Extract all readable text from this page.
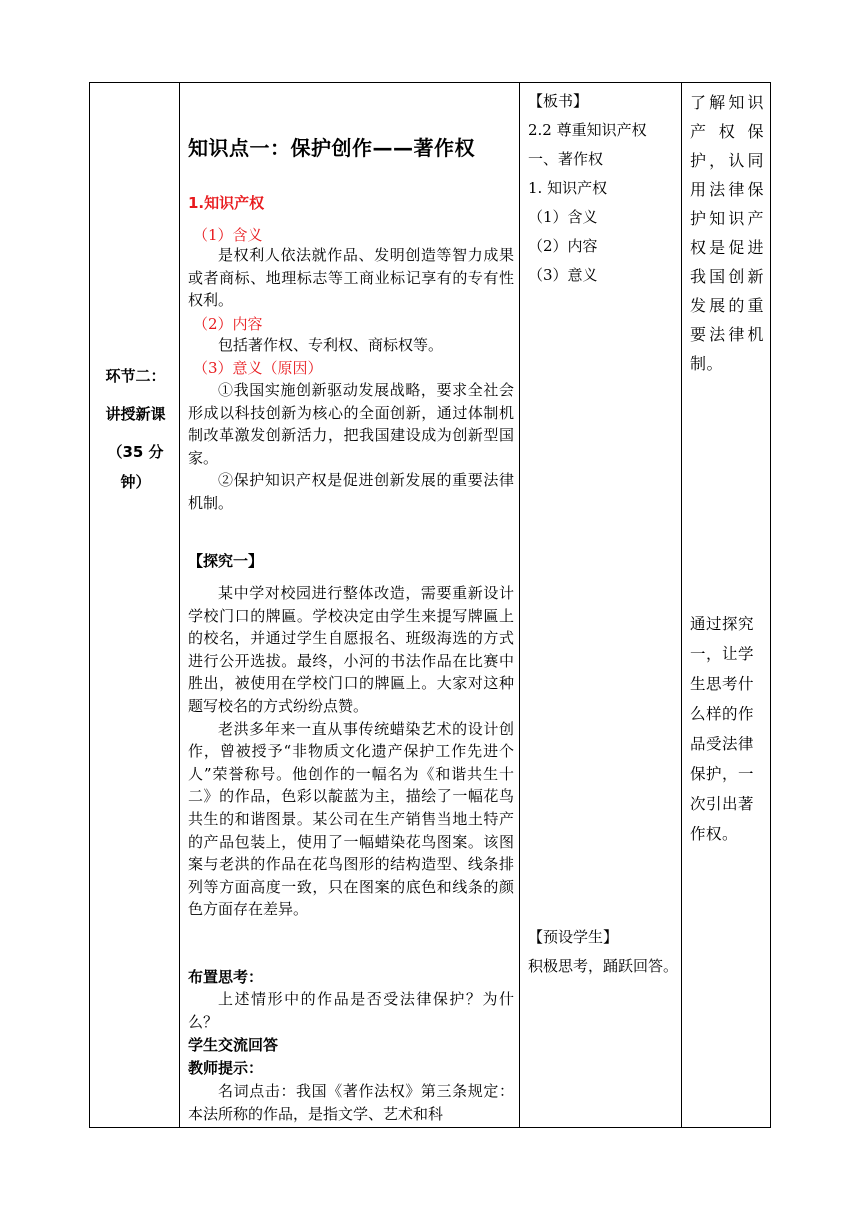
环节二：
讲授新课
（35 分
钟）
知识点一：保护创作——著作权
1.知识产权
（1）含义

是权利人依法就作品、发明创造等智力成果或者商标、地理标志等工商业标记享有的专有性权利。

（2）内容

包括著作权、专利权、商标权等。

（3）意义（原因）

①我国实施创新驱动发展战略，要求全社会形成以科技创新为核心的全面创新，通过体制机制改革激发创新活力，把我国建设成为创新型国家。

②保护知识产权是促进创新发展的重要法律机制。

【探究一】

某中学对校园进行整体改造，需要重新设计学校门口的牌匾。学校决定由学生来提写牌匾上的校名，并通过学生自愿报名、班级海选的方式进行公开选拔。最终，小河的书法作品在比赛中胜出，被使用在学校门口的牌匾上。大家对这种题写校名的方式纷纷点赞。

老洪多年来一直从事传统蜡染艺术的设计创作，曾被授予“非物质文化遗产保护工作先进个人”荣誉称号。他创作的一幅名为《和谐共生十二》的作品，色彩以靛蓝为主，描绘了一幅花鸟共生的和谐图景。某公司在生产销售当地土特产的产品包装上，使用了一幅蜡染花鸟图案。该图案与老洪的作品在花鸟图形的结构造型、线条排列等方面高度一致，只在图案的底色和线条的颜色方面存在差异。

布置思考：

上述情形中的作品是否受法律保护？为什么？

学生交流回答
教师提示：

名词点击：我国《著作法权》第三条规定：本法所称的作品，是指文学、艺术和科

【板书】
2.2 尊重知识产权
一、著作权
1. 知识产权
（1）含义
（2）内容
（3）意义
【预设学生】
积极思考，踊跃回答。
了解知识产权保护，认同用法律保护知识产权是促进我国创新发展的重要法律机制。
通过探究一，让学生思考什么样的作品受法律保护，一次引出著作权。
